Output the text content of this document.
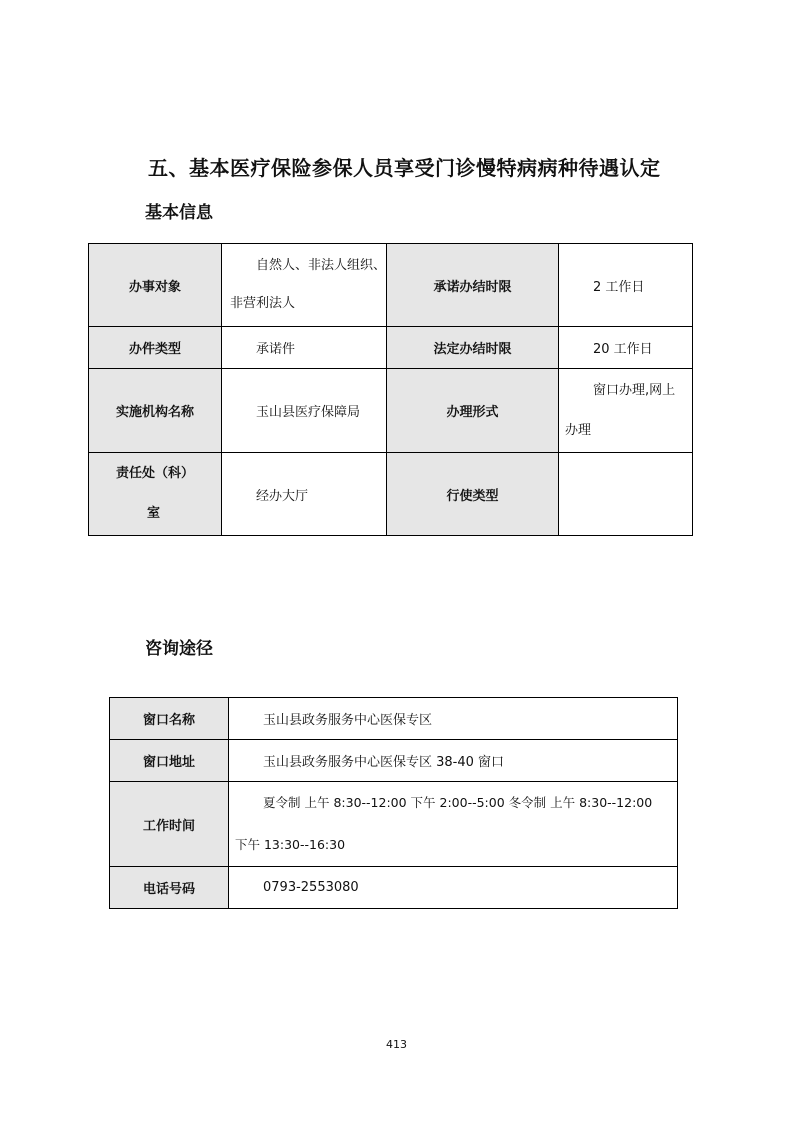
五、基本医疗保险参保人员享受门诊慢特病病种待遇认定
基本信息
办事对象	自然人、非法人组织、
非营利法人	承诺办结时限	2 工作日
办件类型	承诺件	法定办结时限	20 工作日
实施机构名称	玉山县医疗保障局	办理形式	窗口办理,网上
办理

责任处（科）
室	经办大厅	行使类型	
咨询途径
窗口名称	玉山县政务服务中心医保专区
窗口地址	玉山县政务服务中心医保专区 38-40 窗口
工作时间	夏令制 上午 8:30--12:00 下午 2:00--5:00 冬令制 上午 8:30--12:00
下午 13:30--16:30

电话号码	0793-2553080
413
